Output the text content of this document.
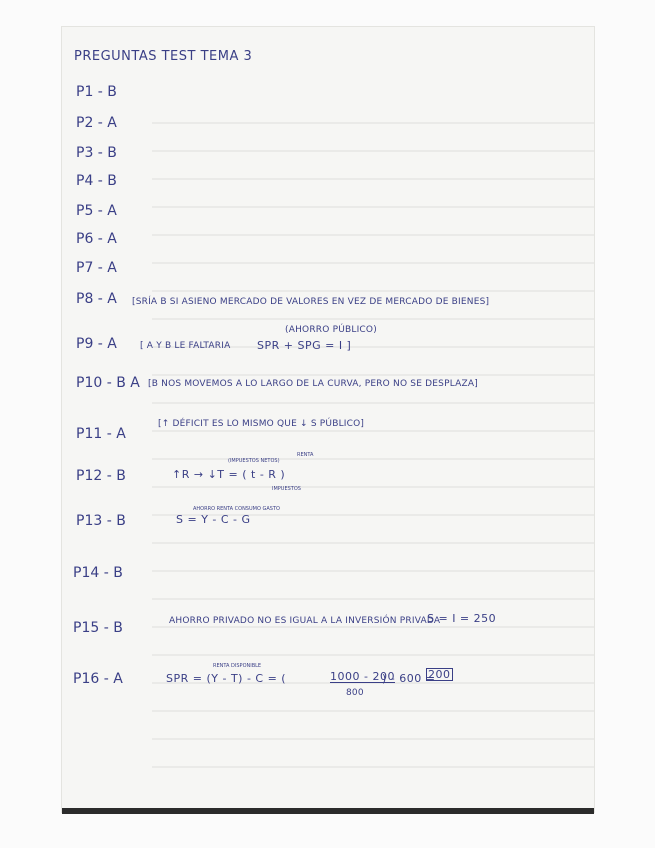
PREGUNTAS TEST TEMA 3
P1 - B
P2 - A
P3 - B
P4 - B
P5 - A
P6 - A
P7 - A
P8 - A [SRÍA B SI ASIENO MERCADO DE VALORES EN VEZ DE MERCADO DE BIENES]
(AHORRO PÚBLICO)
P9 - A	[ A Y B LE FALTARIA SPR + SPG = I ]
P10 - B A [B NOS MOVEMOS A LO LARGO DE LA CURVA, PERO NO SE DESPLAZA]
P11 - A
[↑ DÉFICIT ES LO MISMO QUE ↓ S PÚBLICO]
(IMPUESTOS NETOS)
RENTA
P12 - B	↑R → ↓T = ( t - R )
IMPUESTOS
AHORRO RENTA CONSUMO GASTO
P13 - B	S = Y - C - G
P14 - B
P15 - B	AHORRO PRIVADO NO ES IGUAL A LA INVERSIÓN PRIVADA
S = I = 250
RENTA DISPONIBLE
P16 - A	SPR = (Y - T) - C = (	1000 - 200
800
) - 600 =
200
